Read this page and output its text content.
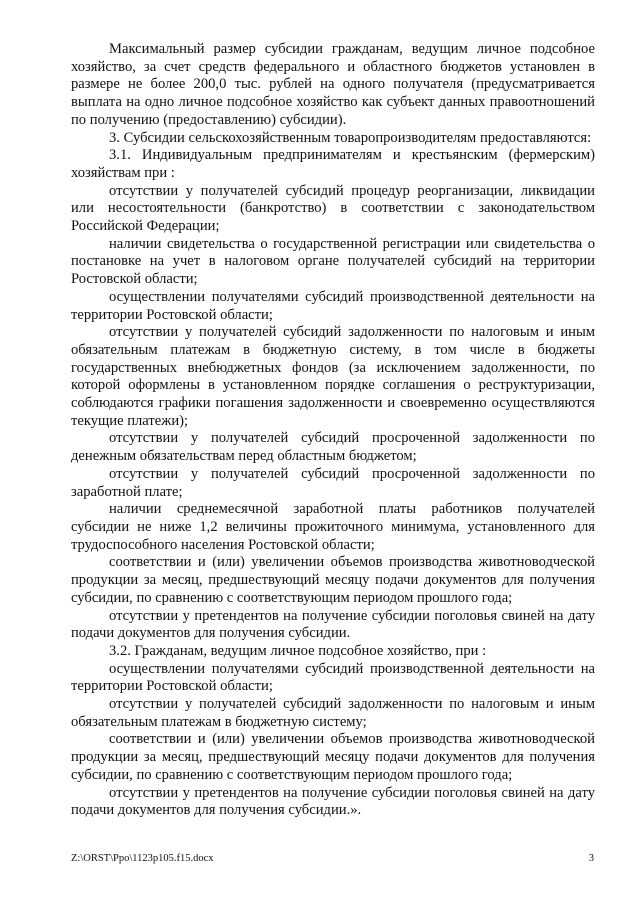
Максимальный размер субсидии гражданам, ведущим личное подсобное хозяйство, за счет средств федерального и областного бюджетов установлен в размере не более 200,0 тыс. рублей на одного получателя (предусматривается выплата на одно личное подсобное хозяйство как субъект данных правоотношений по получению (предоставлению) субсидии).

3. Субсидии сельскохозяйственным товаропроизводителям предоставляются:

3.1. Индивидуальным предпринимателям и крестьянским (фермерским) хозяйствам при :

отсутствии у получателей субсидий процедур реорганизации, ликвидации или несостоятельности (банкротство) в соответствии с законодательством Российской Федерации;

наличии свидетельства о государственной регистрации или свидетельства о постановке на учет в налоговом органе получателей субсидий на территории Ростовской области;

осуществлении получателями субсидий производственной деятельности на территории Ростовской области;

отсутствии у получателей субсидий задолженности по налоговым и иным обязательным платежам в бюджетную систему, в том числе в бюджеты государственных внебюджетных фондов (за исключением задолженности, по которой оформлены в установленном порядке соглашения о реструктуризации, соблюдаются графики погашения задолженности и своевременно осуществляются текущие платежи);

отсутствии у получателей субсидий просроченной задолженности по денежным обязательствам перед областным бюджетом;

отсутствии у получателей субсидий просроченной задолженности по заработной плате;

наличии среднемесячной заработной платы работников получателей субсидии не ниже 1,2 величины прожиточного минимума, установленного для трудоспособного населения Ростовской области;

соответствии и (или) увеличении объемов производства животноводческой продукции за месяц, предшествующий месяцу подачи документов для получения субсидии, по сравнению с соответствующим периодом прошлого года;

отсутствии у претендентов на получение субсидии поголовья свиней на дату подачи документов для получения субсидии.

3.2. Гражданам, ведущим личное подсобное хозяйство, при :

осуществлении получателями субсидий производственной деятельности на территории Ростовской области;

отсутствии у получателей субсидий задолженности по налоговым и иным обязательным платежам в бюджетную систему;

соответствии и (или) увеличении объемов производства животноводческой продукции за месяц, предшествующий месяцу подачи документов для получения субсидии, по сравнению с соответствующим периодом прошлого года;

отсутствии у претендентов на получение субсидии поголовья свиней на дату подачи документов для получения субсидии.».

Z:\ORST\Ppo\1123p105.f15.docx	3
